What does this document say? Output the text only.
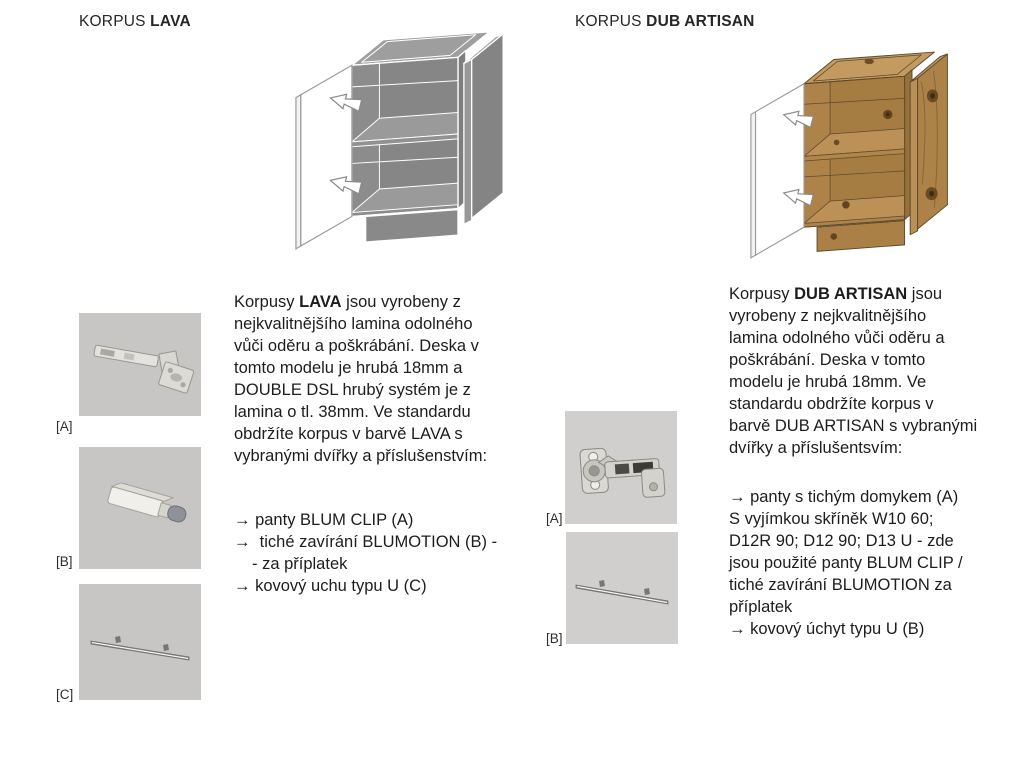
KORPUS LAVA
[A]
[B]
[C]
Korpusy LAVA jsou vyrobeny z
nejkvalitnějšího lamina odolného
vůči oděru a poškrábání. Deska v
tomto modelu je hrubá 18mm a
DOUBLE DSL hrubý systém je z
lamina o tl. 38mm. Ve standardu
obdržíte korpus v barvě LAVA s
vybranými dvířky a příslušenstvím:
→ panty BLUM CLIP (A)
→  tiché zavírání BLUMOTION (B) -
- za příplatek
→ kovový uchu typu U (C)
KORPUS DUB ARTISAN
Korpusy DUB ARTISAN jsou
vyrobeny z nejkvalitnějšího
lamina odolného vůči oděru a
poškrábání. Deska v tomto
modelu je hrubá 18mm. Ve
standardu obdržíte korpus v
barvě DUB ARTISAN s vybranými
dvířky a příslušentsvím:
→ panty s tichým domykem (A)
S vyjímkou skříněk W10 60;
D12R 90; D12 90; D13 U - zde
jsou použité panty BLUM CLIP /
tiché zavírání BLUMOTION za
příplatek
→ kovový úchyt typu U (B)
[A]
[B]
